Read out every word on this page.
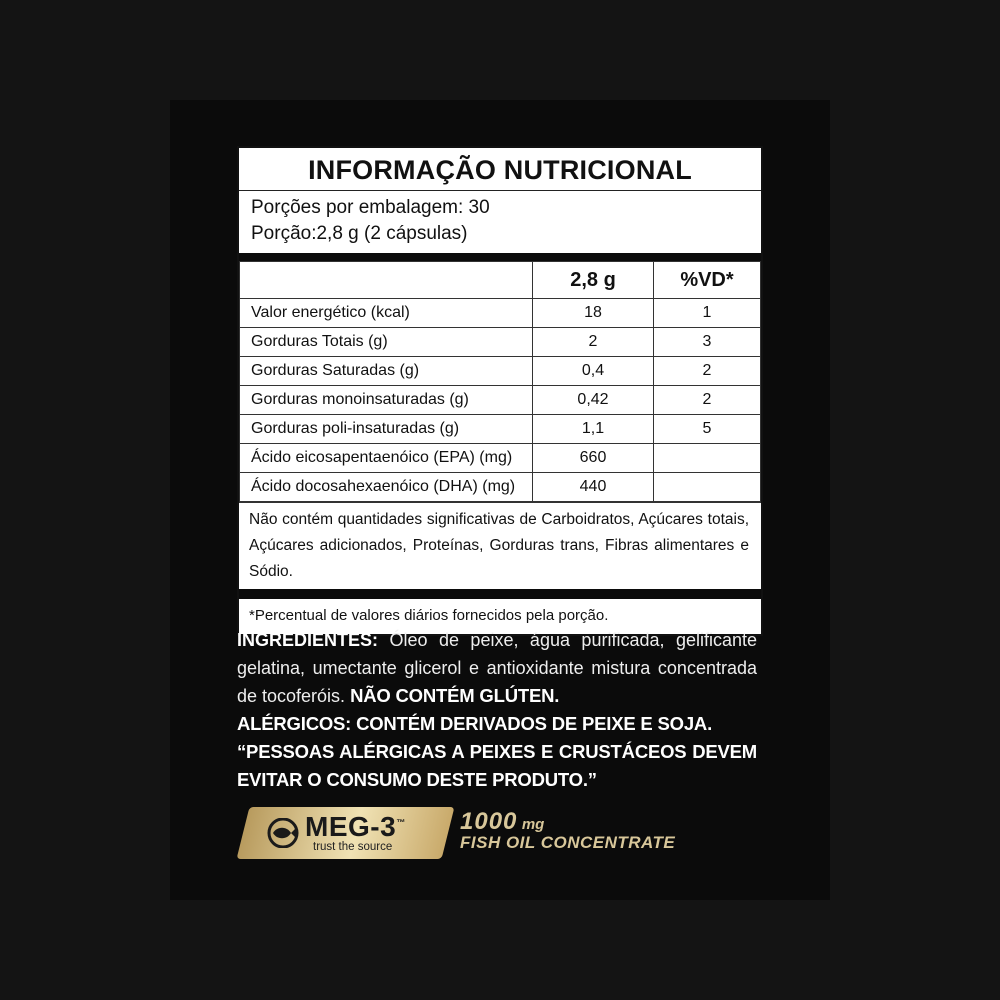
INFORMAÇÃO NUTRICIONAL
Porções por embalagem: 30
Porção:2,8 g (2 cápsulas)
	2,8 g	%VD*
Valor energético (kcal)	18	1
Gorduras Totais (g)	2	3
Gorduras Saturadas (g)	0,4	2
Gorduras monoinsaturadas (g)	0,42	2
Gorduras poli-insaturadas (g)	1,1	5
Ácido eicosapentaenóico (EPA) (mg)	660	
Ácido docosahexaenóico (DHA) (mg)	440	
Não contém quantidades significativas de Carboidratos, Açúcares totais, Açúcares adicionados, Proteínas, Gorduras trans, Fibras alimentares e Sódio.
*Percentual de valores diários fornecidos pela porção.
INGREDIENTES: Óleo de peixe, água purificada, gelificante gelatina, umectante glicerol e antioxidante mistura concentrada de tocoferóis. NÃO CONTÉM GLÚTEN.
ALÉRGICOS: CONTÉM DERIVADOS DE PEIXE E SOJA.
“PESSOAS ALÉRGICAS A PEIXES E CRUSTÁCEOS DEVEM EVITAR O CONSUMO DESTE PRODUTO.”
MEG-3™
trust the source
1000 mg
FISH OIL CONCENTRATE
